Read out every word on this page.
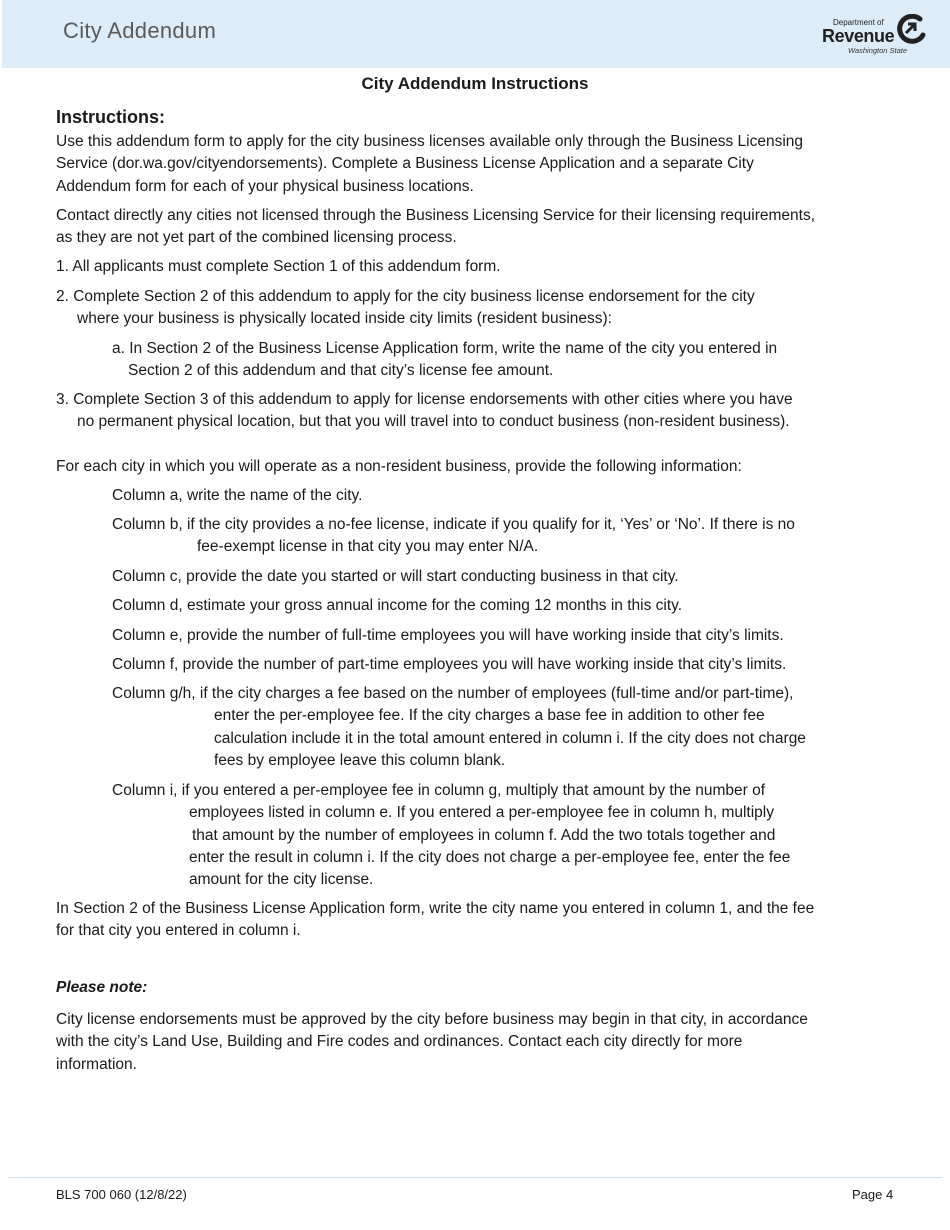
City Addendum	Department of
Revenue
Washington State
City Addendum Instructions
Instructions:
Use this addendum form to apply for the city business licenses available only through the Business Licensing
Service (dor.wa.gov/cityendorsements). Complete a Business License Application and a separate City
Addendum form for each of your physical business locations.
Contact directly any cities not licensed through the Business Licensing Service for their licensing requirements,
as they are not yet part of the combined licensing process.
1. All applicants must complete Section 1 of this addendum form.
2. Complete Section 2 of this addendum to apply for the city business license endorsement for the city
where your business is physically located inside city limits (resident business):
a. In Section 2 of the Business License Application form, write the name of the city you entered in
Section 2 of this addendum and that city’s license fee amount.
3. Complete Section 3 of this addendum to apply for license endorsements with other cities where you have
no permanent physical location, but that you will travel into to conduct business (non-resident business).
For each city in which you will operate as a non-resident business, provide the following information:
Column a, write the name of the city.
Column b, if the city provides a no-fee license, indicate if you qualify for it, ‘Yes’ or ‘No’. If there is no
fee-exempt license in that city you may enter N/A.
Column c, provide the date you started or will start conducting business in that city.
Column d, estimate your gross annual income for the coming 12 months in this city.
Column e, provide the number of full-time employees you will have working inside that city’s limits.
Column f, provide the number of part-time employees you will have working inside that city’s limits.
Column g/h, if the city charges a fee based on the number of employees (full-time and/or part-time),
enter the per-employee fee. If the city charges a base fee in addition to other fee
calculation include it in the total amount entered in column i. If the city does not charge
fees by employee leave this column blank.
Column i, if you entered a per-employee fee in column g, multiply that amount by the number of
employees listed in column e. If you entered a per-employee fee in column h, multiply
that amount by the number of employees in column f. Add the two totals together and
enter the result in column i. If the city does not charge a per-employee fee, enter the fee
amount for the city license.
In Section 2 of the Business License Application form, write the city name you entered in column 1, and the fee
for that city you entered in column i.
Please note:
City license endorsements must be approved by the city before business may begin in that city, in accordance
with the city’s Land Use, Building and Fire codes and ordinances. Contact each city directly for more
information.
BLS 700 060 (12/8/22)	Page 4
